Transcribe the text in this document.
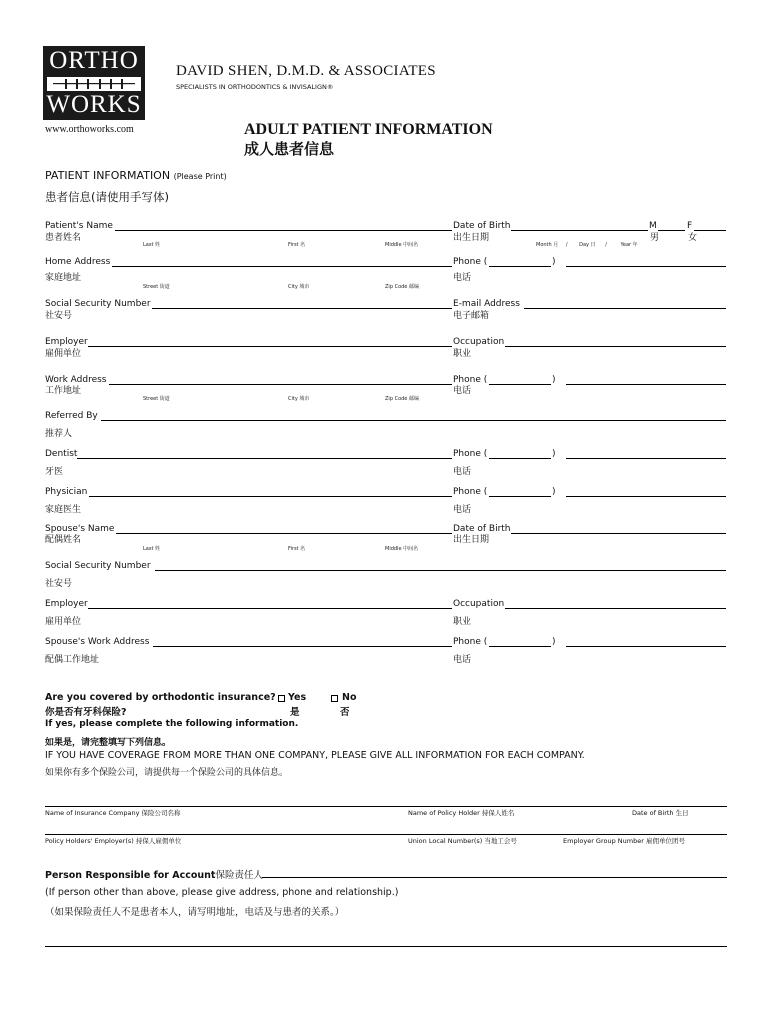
ORTHO
WORKS
www.orthoworks.com
DAVID SHEN, D.M.D. & ASSOCIATES
SPECIALISTS IN ORTHODONTICS & INVISALIGN®
ADULT PATIENT INFORMATION
成人患者信息
PATIENT INFORMATION (Please Print)
患者信息(请使用手写体)
Patient's Name
患者姓名
Last 姓	First 名	Middle 中间名
Date of Birth
出生日期
M
男
F
女
Month 月 / Day 日 /	Year 年
Home Address
家庭地址
Street 街道	City 城市	Zip Code 邮编
Phone (	)
电话
Social Security Number
社安号
E-mail Address
电子邮箱
Employer
雇佣单位
Occupation
职业
Work Address
工作地址
Street 街道	City 城市	Zip Code 邮编
Phone (	)
电话
Referred By
推荐人
Dentist
牙医
Phone (	)
电话
Physician
家庭医生
Phone (	)
电话
Spouse's Name
配偶姓名
Last 姓	First 名	Middle 中间名
Date of Birth
出生日期
Social Security Number
社安号
Employer
雇用单位
Occupation
职业
Spouse's Work Address
配偶工作地址
Phone (	)
电话
Are you covered by orthodontic insurance?
你是否有牙科保险?
Yes
是
No
否
If yes, please complete the following information.
如果是，请完整填写下列信息。
IF YOU HAVE COVERAGE FROM MORE THAN ONE COMPANY, PLEASE GIVE ALL INFORMATION FOR EACH COMPANY.
如果你有多个保险公司，请提供每一个保险公司的具体信息。
Name of Insurance Company 保险公司名称	Name of Policy Holder 持保人姓名	Date of Birth 生日
Policy Holders' Employer(s) 持保人雇佣单位	Union Local Number(s) 当地工会号	Employer Group Number 雇佣单位团号
Person Responsible for Account保险责任人
(If person other than above, please give address, phone and relationship.)
（如果保险责任人不是患者本人，请写明地址，电话及与患者的关系。）
